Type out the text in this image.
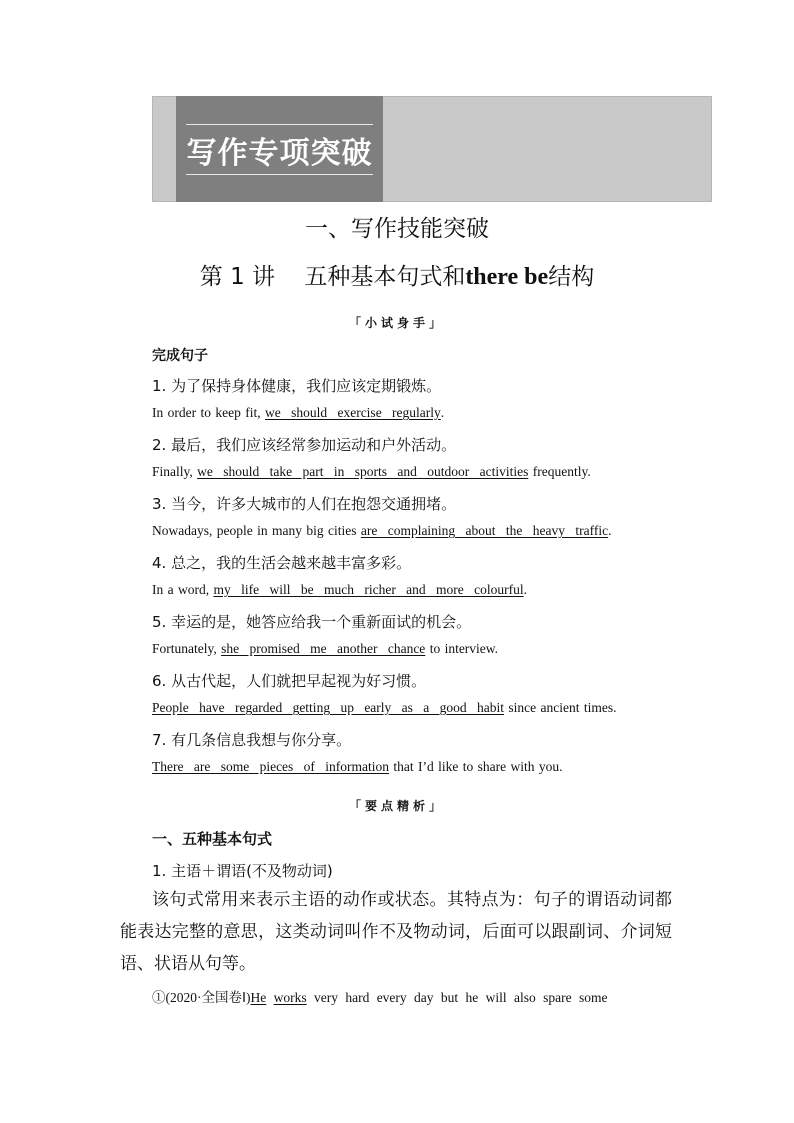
写作专项突破
一、写作技能突破
第 1 讲 五种基本句式和there be结构
「小试身手」
完成句子
1. 为了保持身体健康，我们应该定期锻炼。
In order to keep fit, we should exercise regularly.
2. 最后，我们应该经常参加运动和户外活动。
Finally, we should take part in sports and outdoor activities frequently.
3. 当今，许多大城市的人们在抱怨交通拥堵。
Nowadays, people in many big cities are complaining about the heavy traffic.
4. 总之，我的生活会越来越丰富多彩。
In a word, my life will be much richer and more colourful.
5. 幸运的是，她答应给我一个重新面试的机会。
Fortunately, she promised me another chance to interview.
6. 从古代起，人们就把早起视为好习惯。
People have regarded getting up early as a good habit since ancient times.
7. 有几条信息我想与你分享。
There are some pieces of information that I’d like to share with you.
「要点精析」
一、五种基本句式
1. 主语＋谓语(不及物动词)
该句式常用来表示主语的动作或状态。其特点为：句子的谓语动词都能表达完整的意思，这类动词叫作不及物动词，后面可以跟副词、介词短语、状语从句等。
①(2020·全国卷Ⅰ)He works very hard every day but he will also spare some
